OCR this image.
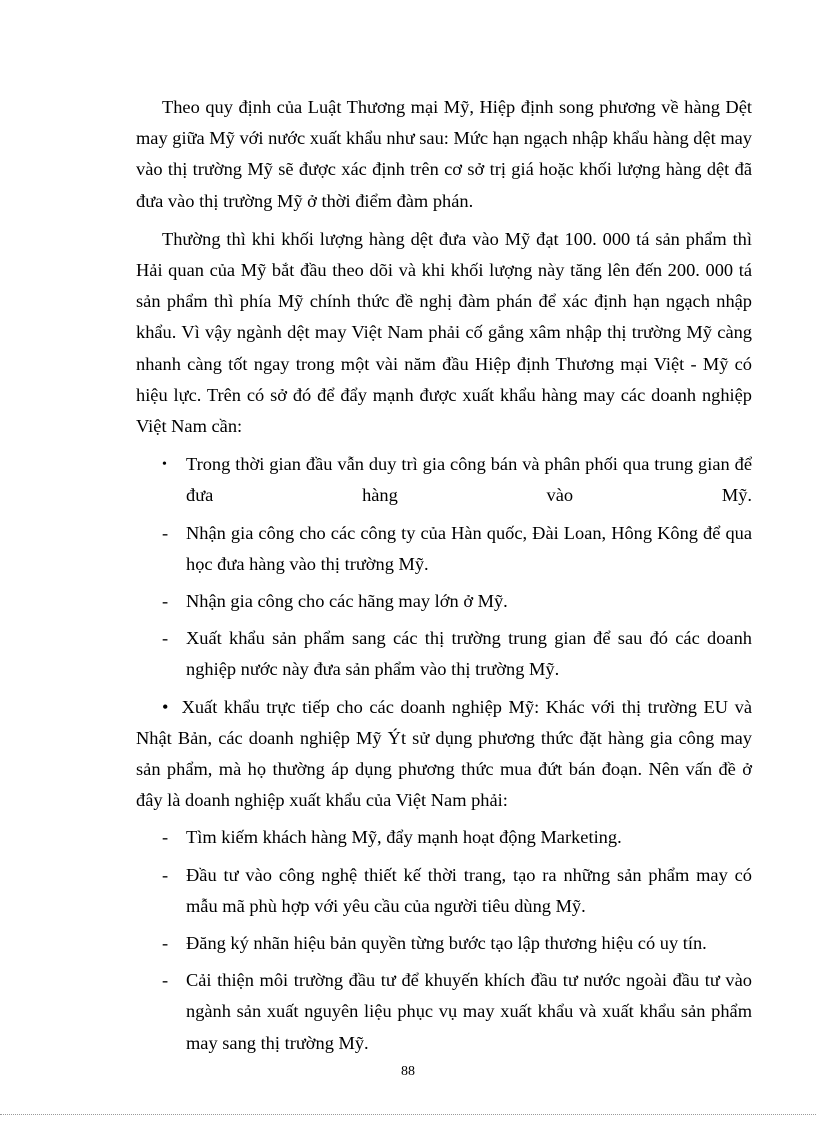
Theo quy định của Luật Thương mại Mỹ, Hiệp định song phương về hàng Dệt may giữa Mỹ với nước xuất khẩu như sau: Mức hạn ngạch nhập khẩu hàng dệt may vào thị trường Mỹ sẽ được xác định trên cơ sở trị giá hoặc khối lượng hàng dệt đã đưa vào thị trường Mỹ ở thời điểm đàm phán.

Thường thì khi khối lượng hàng dệt đưa vào Mỹ đạt 100. 000 tá sản phẩm thì Hải quan của Mỹ bắt đầu theo dõi và khi khối lượng này tăng lên đến 200. 000 tá sản phẩm thì phía Mỹ chính thức đề nghị đàm phán để xác định hạn ngạch nhập khẩu. Vì vậy ngành dệt may Việt Nam phải cố gắng xâm nhập thị trường Mỹ càng nhanh càng tốt ngay trong một vài năm đầu Hiệp định Thương mại Việt - Mỹ có hiệu lực. Trên có sở đó để đẩy mạnh được xuất khẩu hàng may các doanh nghiệp Việt Nam cần:

• Trong thời gian đầu vẫn duy trì gia công bán và phân phối qua trung gian để đưa hàng vào Mỹ.

- Nhận gia công cho các công ty của Hàn quốc, Đài Loan, Hông Kông để qua học đưa hàng vào thị trường Mỹ.

- Nhận gia công cho các hãng may lớn ở Mỹ.

- Xuất khẩu sản phẩm sang các thị trường trung gian để sau đó các doanh nghiệp nước này đưa sản phẩm vào thị trường Mỹ.

• Xuất khẩu trực tiếp cho các doanh nghiệp Mỹ: Khác với thị trường EU và Nhật Bản, các doanh nghiệp Mỹ Ýt sử dụng phương thức đặt hàng gia công may sản phẩm, mà họ thường áp dụng phương thức mua đứt bán đoạn. Nên vấn đề ở đây là doanh nghiệp xuất khẩu của Việt Nam phải:

- Tìm kiếm khách hàng Mỹ, đẩy mạnh hoạt động Marketing.

- Đầu tư vào công nghệ thiết kế thời trang, tạo ra những sản phẩm may có mẫu mã phù hợp với yêu cầu của người tiêu dùng Mỹ.

- Đăng ký nhãn hiệu bản quyền từng bước tạo lập thương hiệu có uy tín.

- Cải thiện môi trường đầu tư để khuyến khích đầu tư nước ngoài đầu tư vào ngành sản xuất nguyên liệu phục vụ may xuất khẩu và xuất khẩu sản phẩm may sang thị trường Mỹ.

88
